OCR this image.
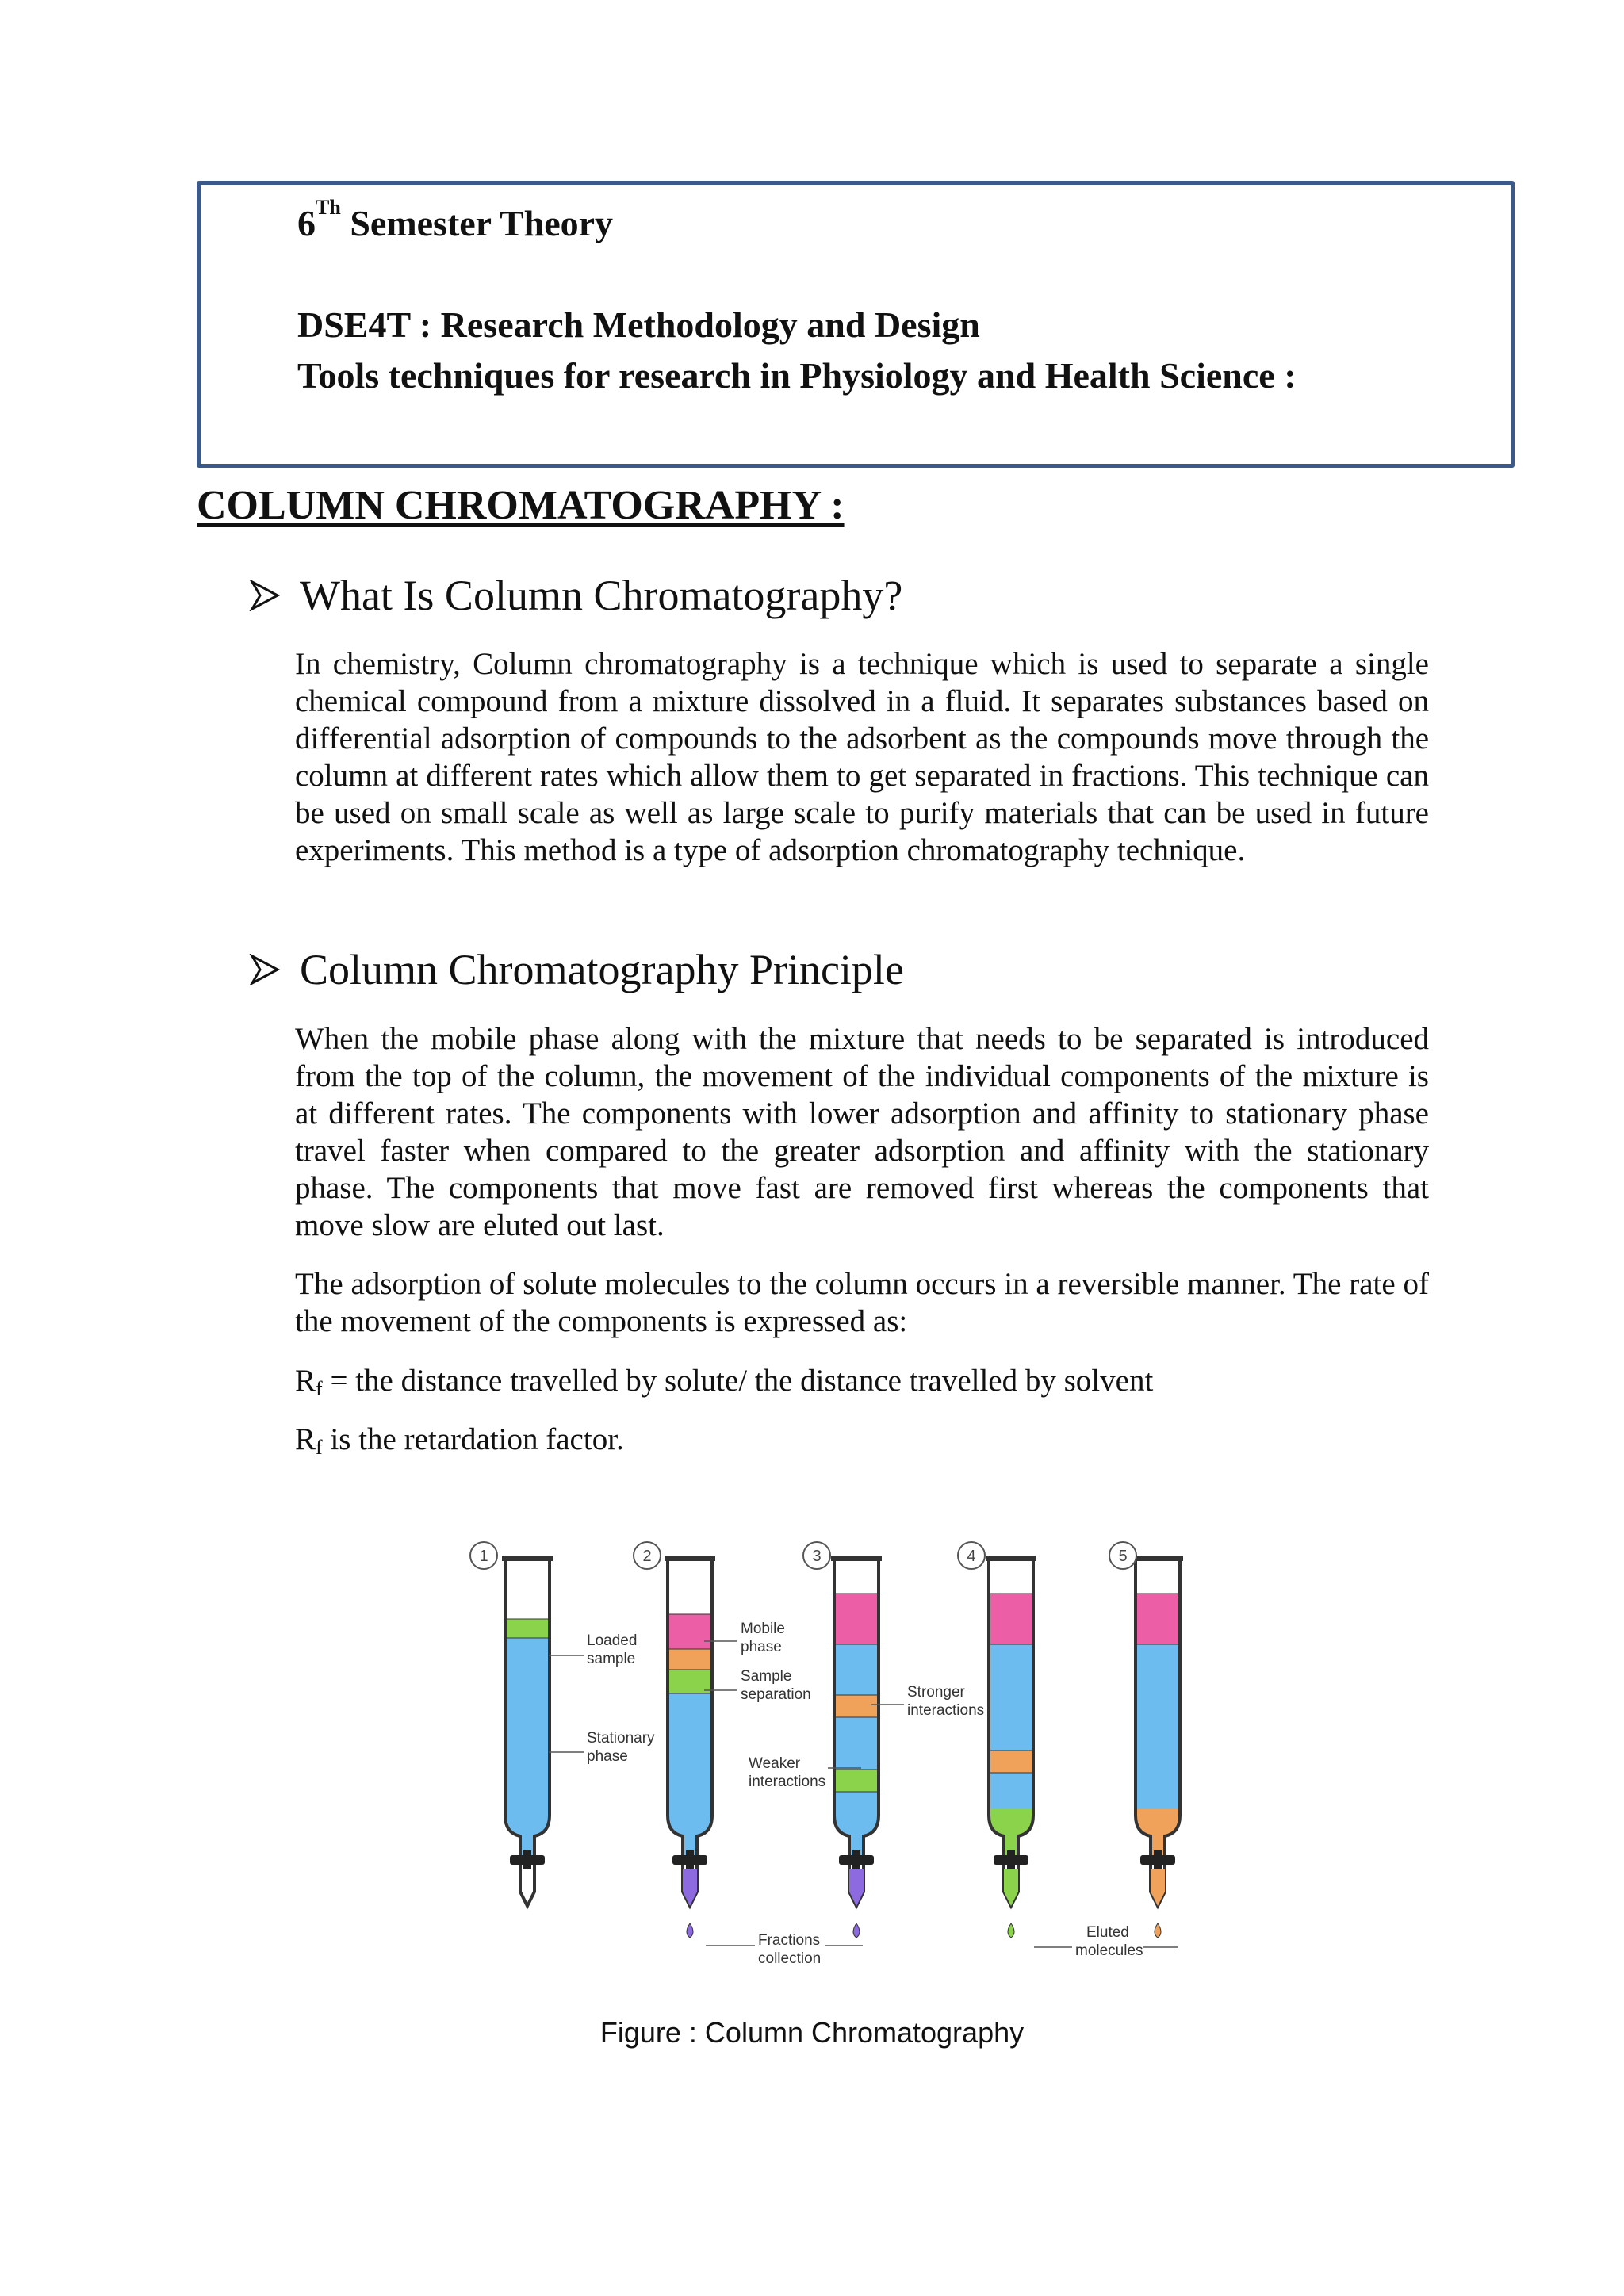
6Th Semester Theory

DSE4T : Research Methodology and Design

Tools techniques for research in Physiology and Health Science :

COLUMN CHROMATOGRAPHY :
What Is Column Chromatography?

In chemistry, Column chromatography is a technique which is used to separate a single chemical compound from a mixture dissolved in a fluid. It separates substances based on differential adsorption of compounds to the adsorbent as the compounds move through the column at different rates which allow them to get separated in fractions. This technique can be used on small scale as well as large scale to purify materials that can be used in future experiments. This method is a type of adsorption chromatography technique.

Column Chromatography Principle

When the mobile phase along with the mixture that needs to be separated is introduced from the top of the column, the movement of the individual components of the mixture is at different rates. The components with lower adsorption and affinity to stationary phase travel faster when compared to the greater adsorption and affinity with the stationary phase. The components that move fast are removed first whereas the components that move slow are eluted out last.

The adsorption of solute molecules to the column occurs in a reversible manner. The rate of the movement of the components is expressed as:

Rf = the distance travelled by solute/ the distance travelled by solvent

Rf is the retardation factor.

1	2	3	4	5
Loaded
sample
Stationary
phase
Mobile
phase
Sample
separation
Weaker
interactions
Stronger
interactions
Fractions
collection
Eluted
molecules

Figure : Column Chromatography
